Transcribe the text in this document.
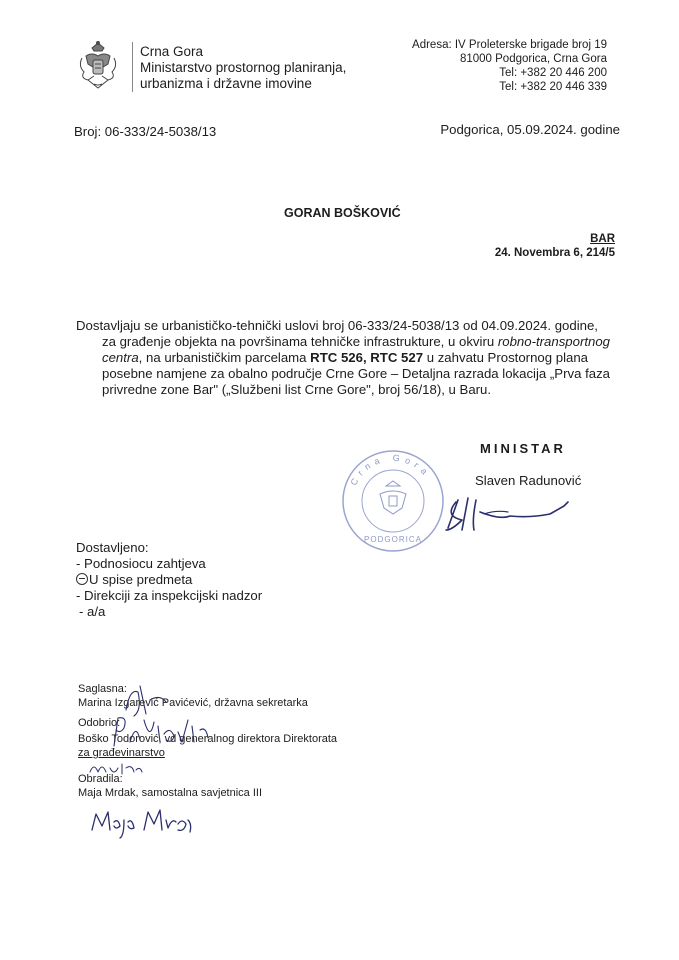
Crna Gora
Ministarstvo prostornog planiranja,
urbanizma i državne imovine
Adresa: IV Proleterske brigade broj 19
81000 Podgorica, Crna Gora
Tel: +382 20 446 200
Tel: +382 20 446 339
Broj: 06-333/24-5038/13	Podgorica, 05.09.2024. godine
GORAN BOŠKOVIĆ
BAR
24. Novembra 6, 214/5
Dostavljaju se urbanističko-tehnički uslovi broj 06-333/24-5038/13 od 04.09.2024. godine,
za građenje objekta na površinama tehničke infrastrukture, u okviru robno-transportnog
centra, na urbanističkim parcelama RTC 526, RTC 527 u zahvatu Prostornog plana
posebne namjene za obalno područje Crne Gore – Detaljna razrada lokacija „Prva faza
privredne zone Bar" („Službeni list Crne Gore", broj 56/18), u Baru.
MINISTAR
Slaven Radunović
Crna Gora
PODGORICA
Dostavljeno:
- Podnosiocu zahtjeva
U spise predmeta
- Direkciji za inspekcijski nadzor
- a/a
Saglasna:
Marina Izgarević Pavićević, državna sekretarka
Odobrio:
Boško Todorović, vd generalnog direktora Direktorata
za građevinarstvo
Obradila:
Maja Mrdak, samostalna savjetnica III
